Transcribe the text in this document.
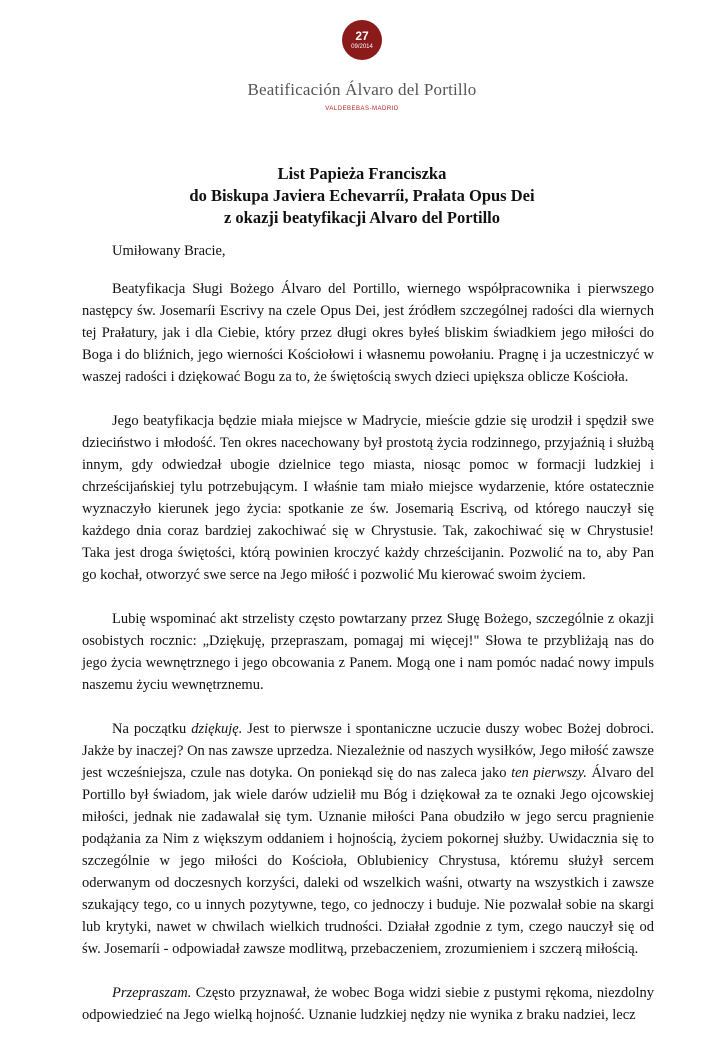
27
09/2014
Beatificación Álvaro del Portillo
VALDEBEBAS-MADRID
List Papieża Franciszka
do Biskupa Javiera Echevarríi, Prałata Opus Dei
z okazji beatyfikacji Alvaro del Portillo

Umiłowany Bracie,

Beatyfikacja Sługi Bożego Álvaro del Portillo, wiernego współpracownika i pierwszego następcy św. Josemaríi Escrivy na czele Opus Dei, jest źródłem szczególnej radości dla wiernych tej Prałatury, jak i dla Ciebie, który przez długi okres byłeś bliskim świadkiem jego miłości do Boga i do bliźnich, jego wierności Kościołowi i własnemu powołaniu. Pragnę i ja uczestniczyć w waszej radości i dziękować Bogu za to, że świętością swych dzieci upiększa oblicze Kościoła.

Jego beatyfikacja będzie miała miejsce w Madrycie, mieście gdzie się urodził i spędził swe dzieciństwo i młodość. Ten okres nacechowany był prostotą życia rodzinnego, przyjaźnią i służbą innym, gdy odwiedzał ubogie dzielnice tego miasta, niosąc pomoc w formacji ludzkiej i chrześcijańskiej tylu potrzebującym. I właśnie tam miało miejsce wydarzenie, które ostatecznie wyznaczyło kierunek jego życia: spotkanie ze św. Josemarią Escrivą, od którego nauczył się każdego dnia coraz bardziej zakochiwać się w Chrystusie. Tak, zakochiwać się w Chrystusie! Taka jest droga świętości, którą powinien kroczyć każdy chrześcijanin. Pozwolić na to, aby Pan go kochał, otworzyć swe serce na Jego miłość i pozwolić Mu kierować swoim życiem.

Lubię wspominać akt strzelisty często powtarzany przez Sługę Bożego, szczególnie z okazji osobistych rocznic: „Dziękuję, przepraszam, pomagaj mi więcej!" Słowa te przybliżają nas do jego życia wewnętrznego i jego obcowania z Panem. Mogą one i nam pomóc nadać nowy impuls naszemu życiu wewnętrznemu.

Na początku dziękuję. Jest to pierwsze i spontaniczne uczucie duszy wobec Bożej dobroci. Jakże by inaczej? On nas zawsze uprzedza. Niezależnie od naszych wysiłków, Jego miłość zawsze jest wcześniejsza, czule nas dotyka. On poniekąd się do nas zaleca jako ten pierwszy. Álvaro del Portillo był świadom, jak wiele darów udzielił mu Bóg i dziękował za te oznaki Jego ojcowskiej miłości, jednak nie zadawalał się tym. Uznanie miłości Pana obudziło w jego sercu pragnienie podążania za Nim z większym oddaniem i hojnością, życiem pokornej służby. Uwidacznia się to szczególnie w jego miłości do Kościoła, Oblubienicy Chrystusa, któremu służył sercem oderwanym od doczesnych korzyści, daleki od wszelkich waśni, otwarty na wszystkich i zawsze szukający tego, co u innych pozytywne, tego, co jednoczy i buduje. Nie pozwalał sobie na skargi lub krytyki, nawet w chwilach wielkich trudności. Działał zgodnie z tym, czego nauczył się od św. Josemaríi - odpowiadał zawsze modlitwą, przebaczeniem, zrozumieniem i szczerą miłością.

Przepraszam. Często przyznawał, że wobec Boga widzi siebie z pustymi rękoma, niezdolny odpowiedzieć na Jego wielką hojność. Uznanie ludzkiej nędzy nie wynika z braku nadziei, lecz
